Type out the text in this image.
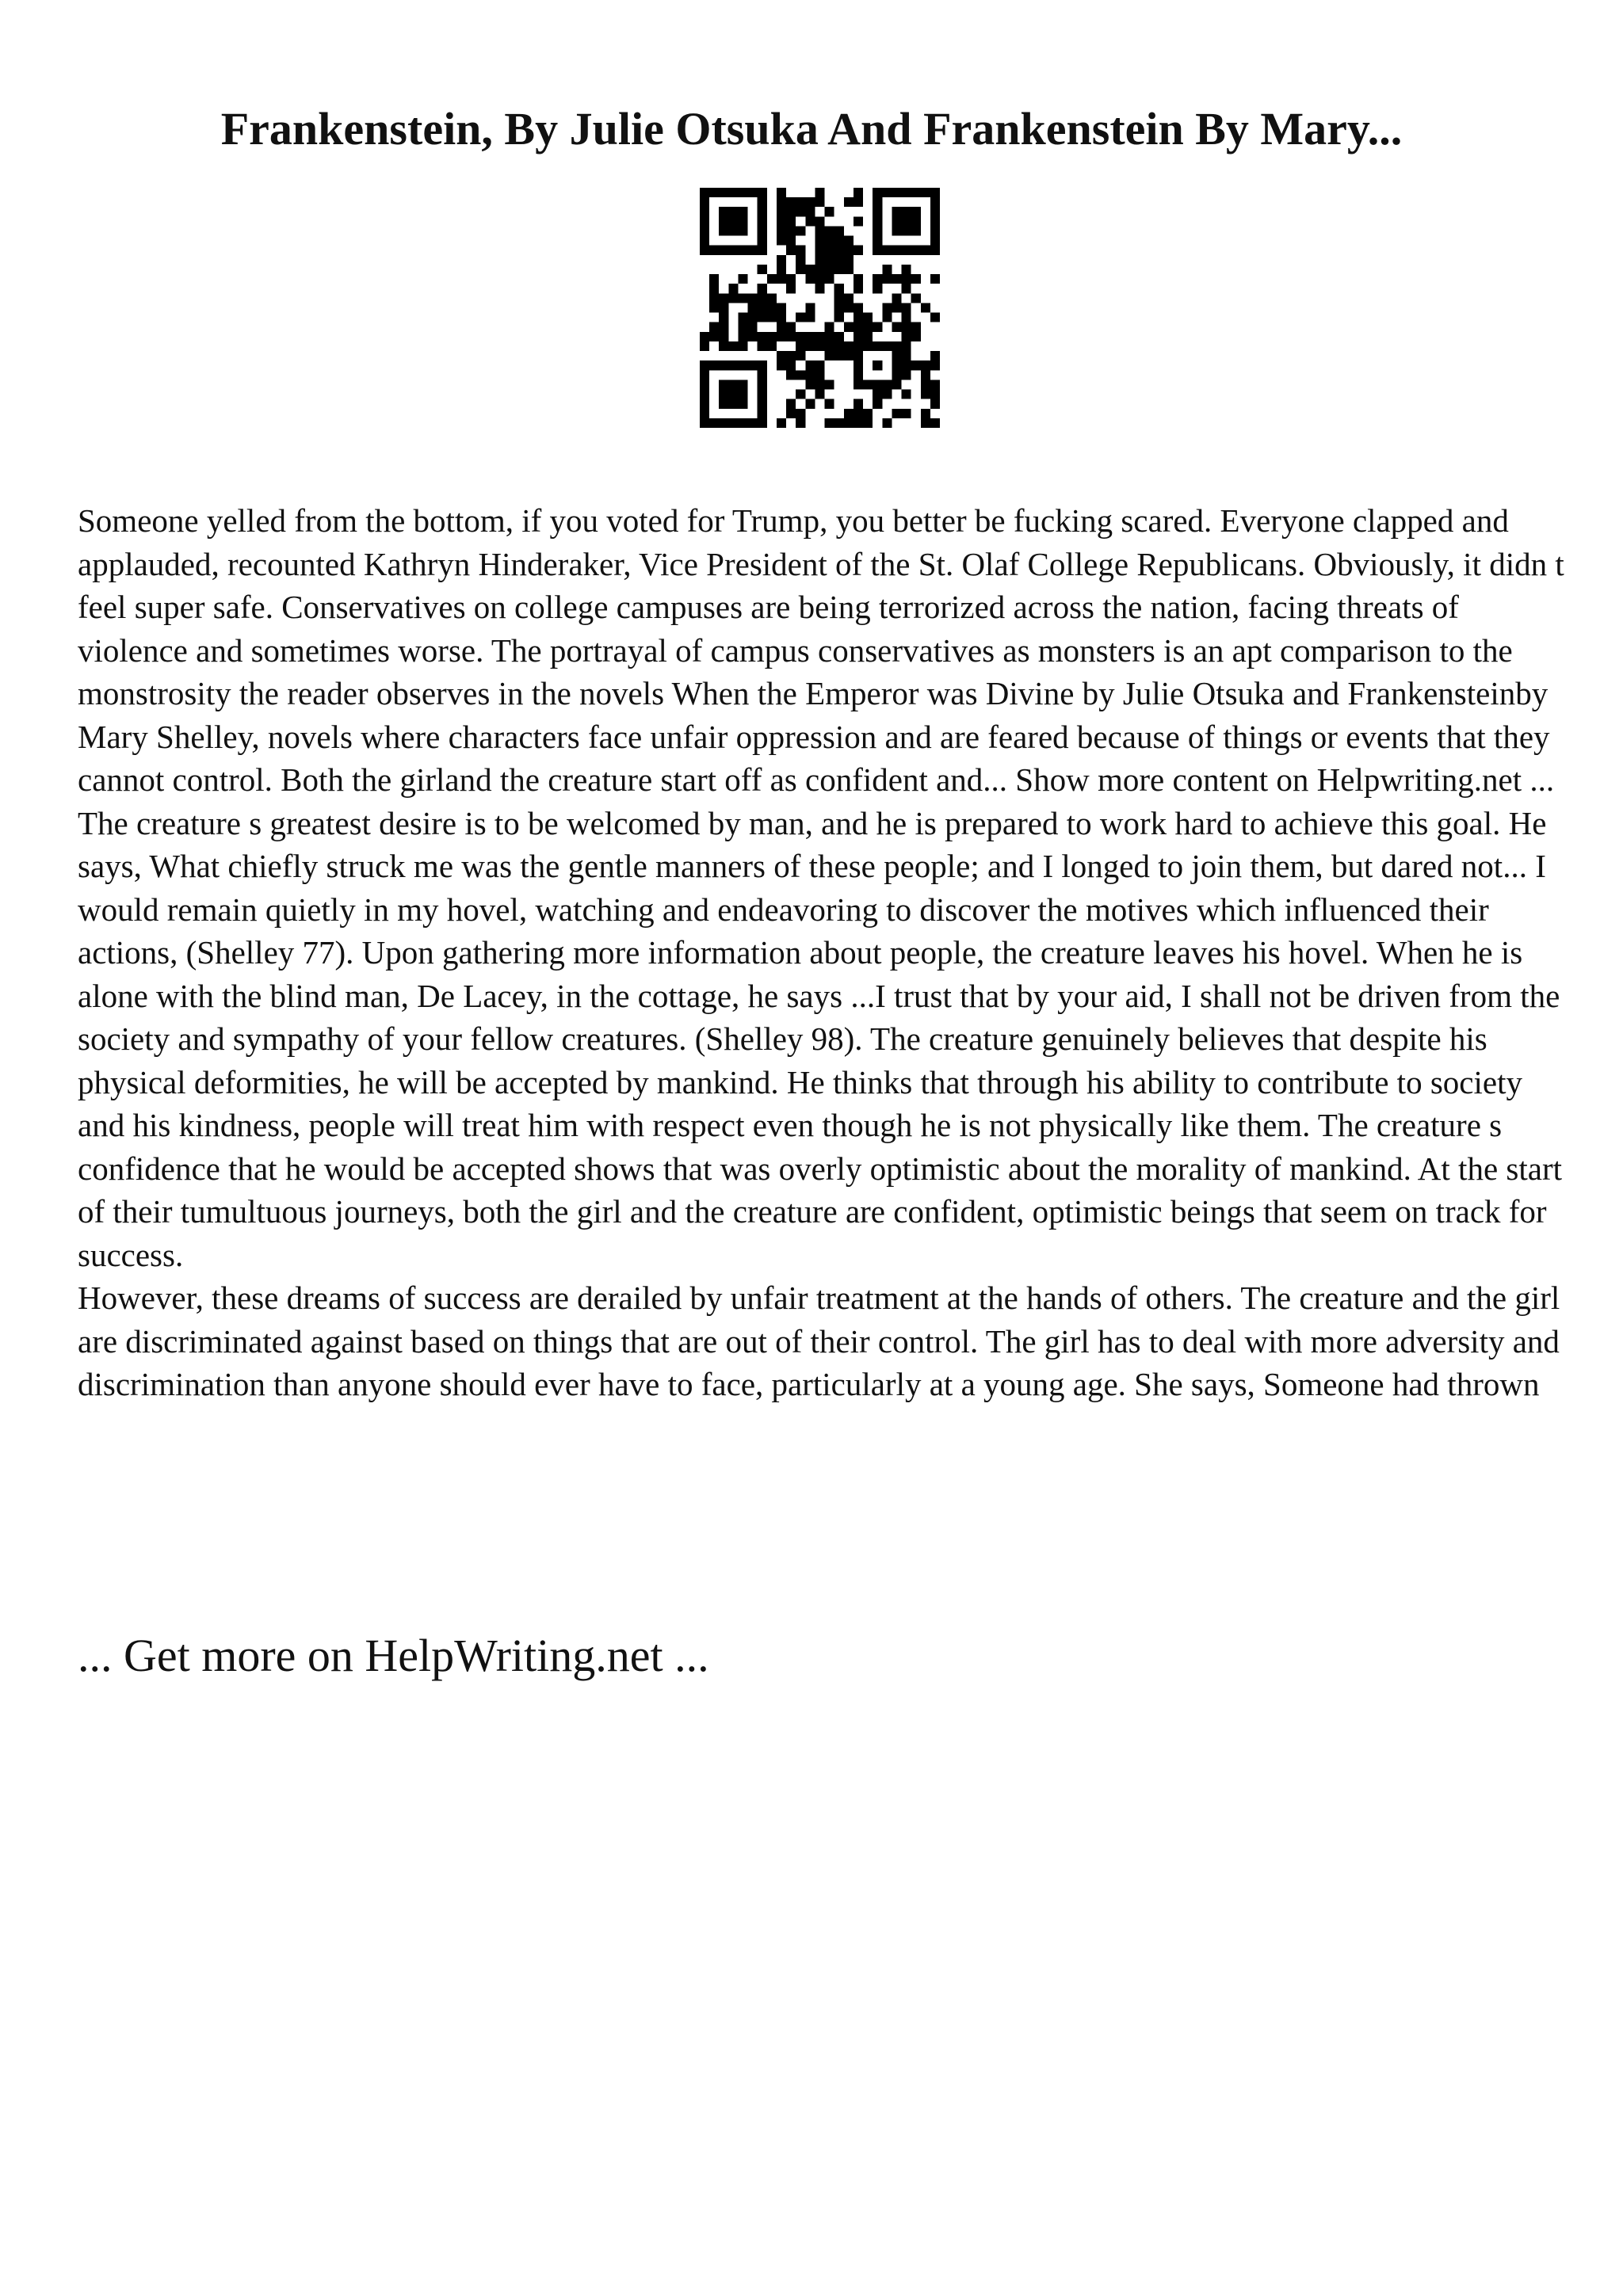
Frankenstein, By Julie Otsuka And Frankenstein By Mary...

Someone yelled from the bottom, if you voted for Trump, you better be fucking scared. Everyone clapped and applauded, recounted Kathryn Hinderaker, Vice President of the St. Olaf College Republicans. Obviously, it didn t feel super safe. Conservatives on college campuses are being terrorized across the nation, facing threats of violence and sometimes worse. The portrayal of campus conservatives as monsters is an apt comparison to the monstrosity the reader observes in the novels When the Emperor was Divine by Julie Otsuka and Frankensteinby Mary Shelley, novels where characters face unfair oppression and are feared because of things or events that they cannot control. Both the girland the creature start off as confident and... Show more content on Helpwriting.net ...

The creature s greatest desire is to be welcomed by man, and he is prepared to work hard to achieve this goal. He says, What chiefly struck me was the gentle manners of these people; and I longed to join them, but dared not... I would remain quietly in my hovel, watching and endeavoring to discover the motives which influenced their actions, (Shelley 77). Upon gathering more information about people, the creature leaves his hovel. When he is alone with the blind man, De Lacey, in the cottage, he says ...I trust that by your aid, I shall not be driven from the society and sympathy of your fellow creatures. (Shelley 98). The creature genuinely believes that despite his physical deformities, he will be accepted by mankind. He thinks that through his ability to contribute to society and his kindness, people will treat him with respect even though he is not physically like them. The creature s confidence that he would be accepted shows that was overly optimistic about the morality of mankind. At the start of their tumultuous journeys, both the girl and the creature are confident, optimistic beings that seem on track for success.

However, these dreams of success are derailed by unfair treatment at the hands of others. The creature and the girl are discriminated against based on things that are out of their control. The girl has to deal with more adversity and discrimination than anyone should ever have to face, particularly at a young age. She says, Someone had thrown

... Get more on HelpWriting.net ...
